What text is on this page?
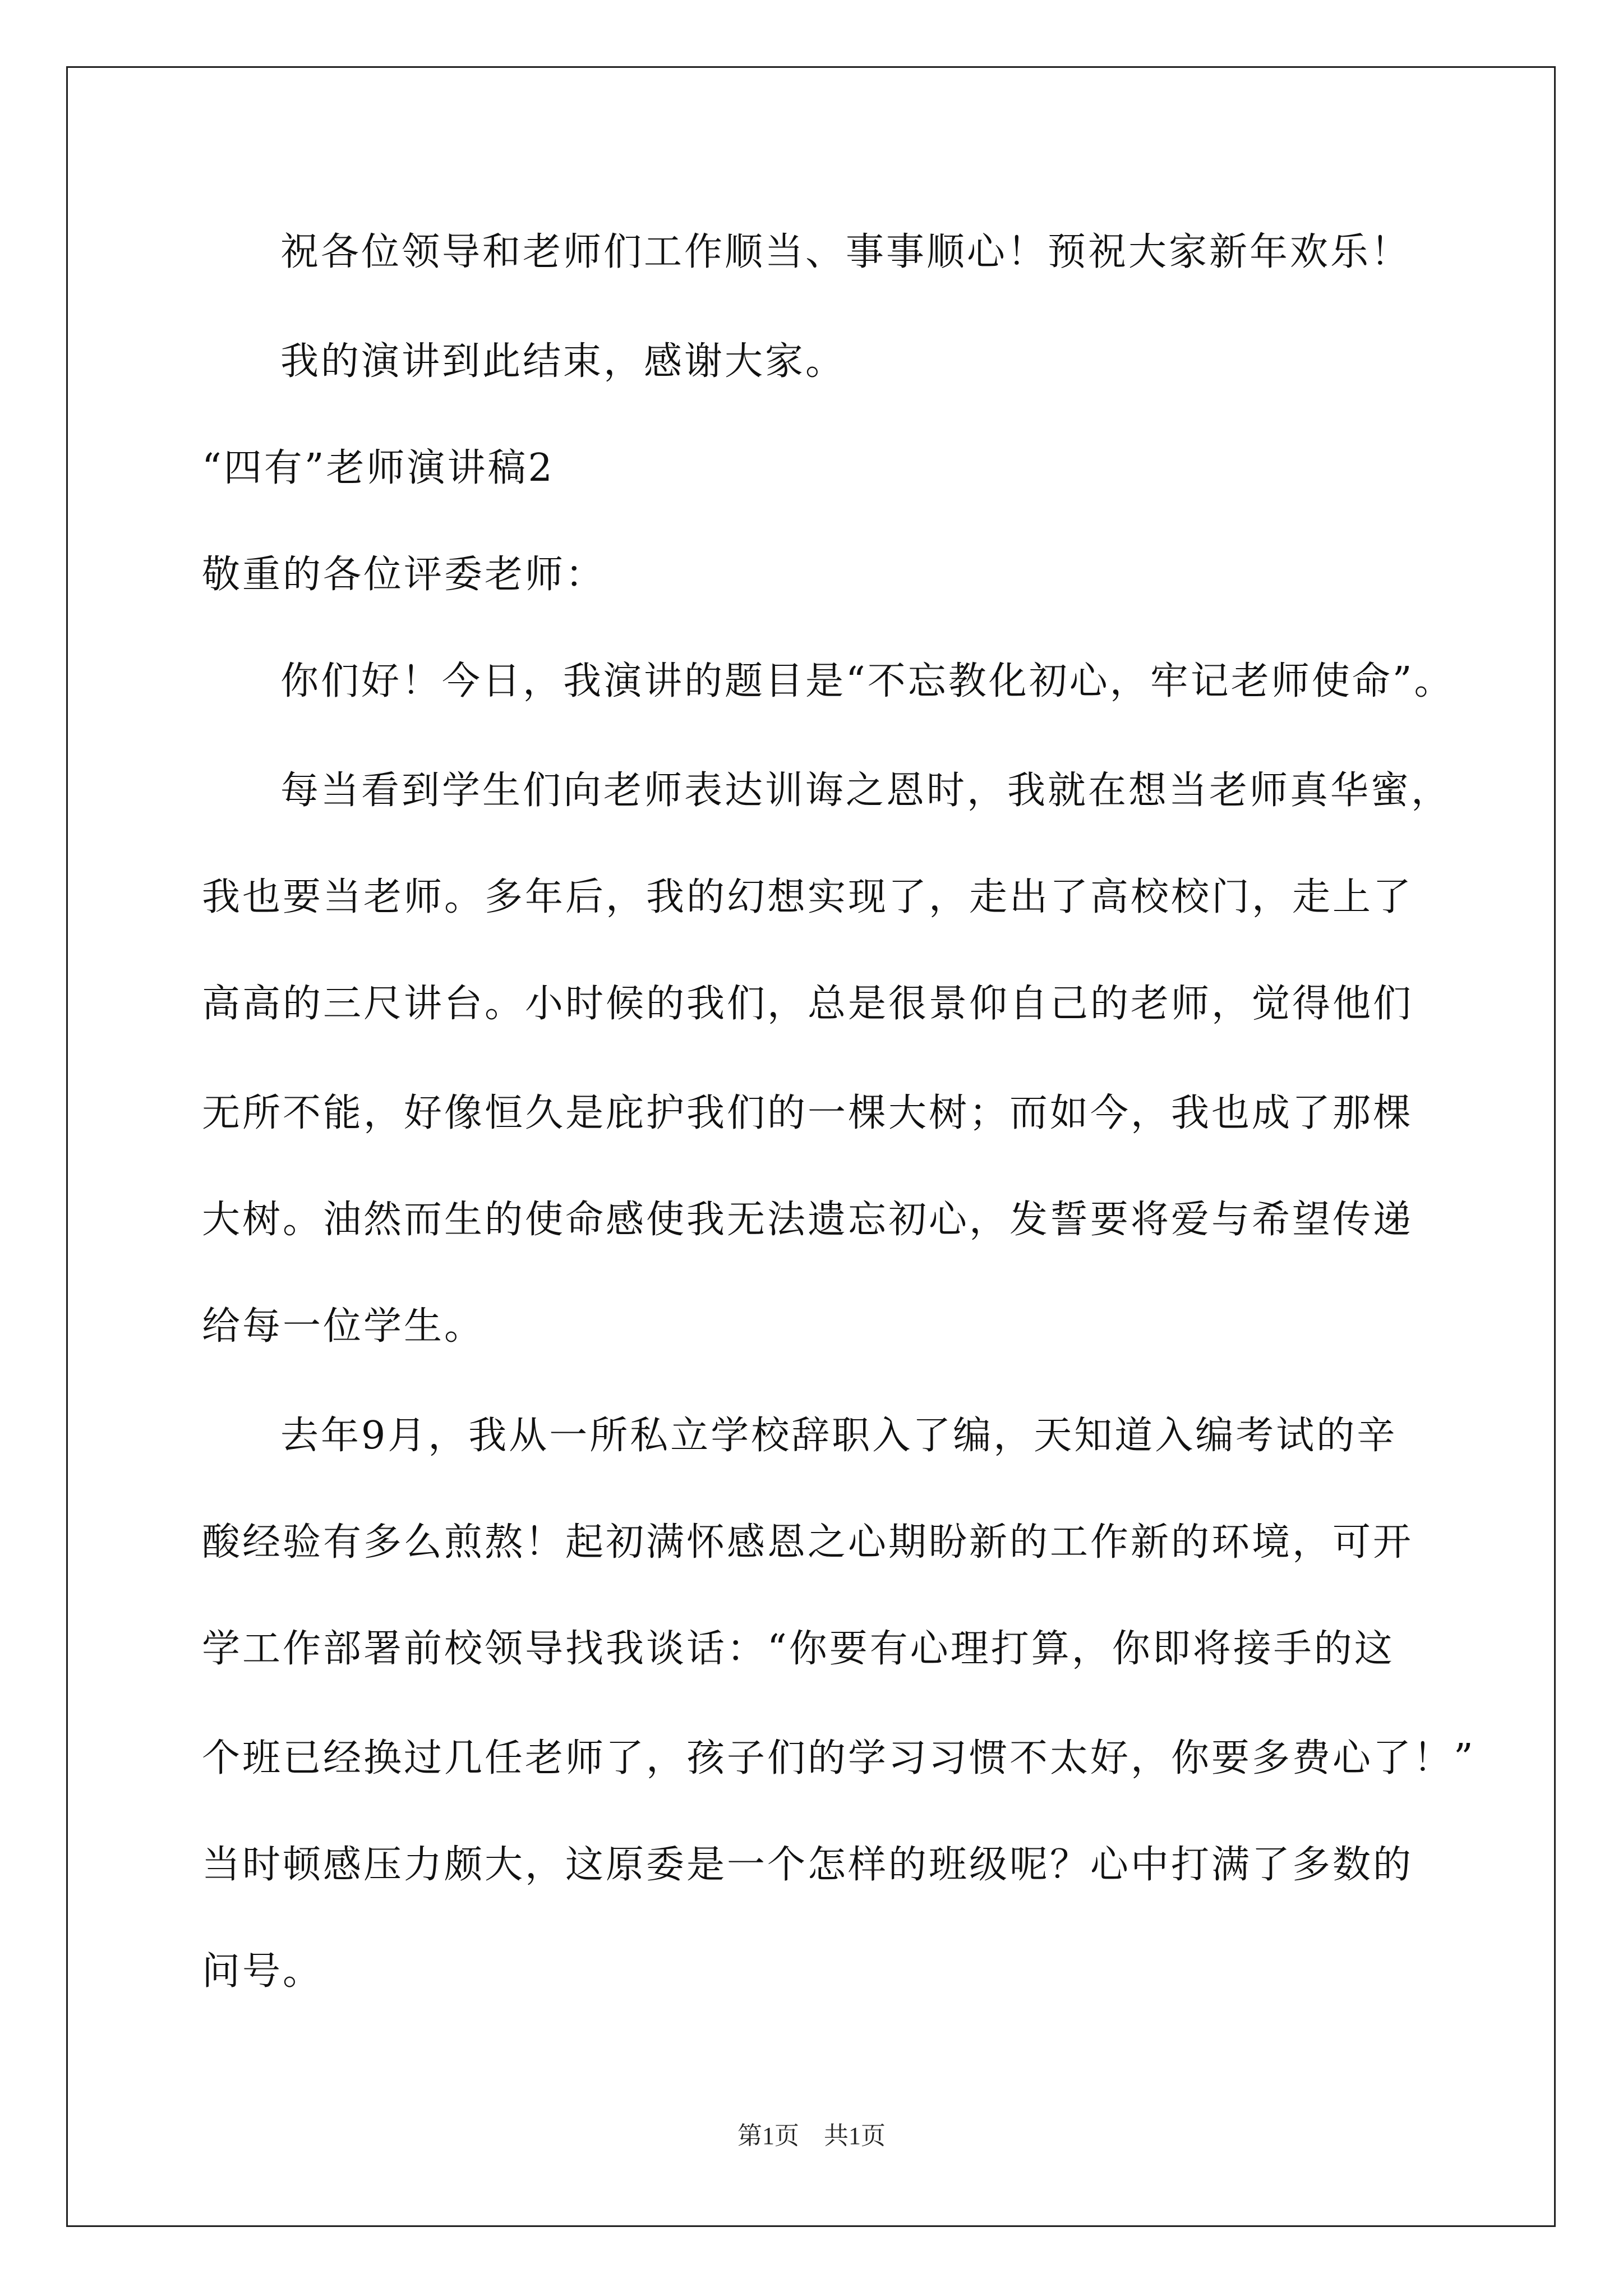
祝各位领导和老师们工作顺当、事事顺心！预祝大家新年欢乐！
我的演讲到此结束，感谢大家。
“四有”老师演讲稿2
敬重的各位评委老师：
你们好！今日，我演讲的题目是“不忘教化初心，牢记老师使命”。
每当看到学生们向老师表达训诲之恩时，我就在想当老师真华蜜，
我也要当老师。多年后，我的幻想实现了，走出了高校校门，走上了
高高的三尺讲台。小时候的我们，总是很景仰自己的老师，觉得他们
无所不能，好像恒久是庇护我们的一棵大树；而如今，我也成了那棵
大树。油然而生的使命感使我无法遗忘初心，发誓要将爱与希望传递
给每一位学生。
去年9月，我从一所私立学校辞职入了编，天知道入编考试的辛
酸经验有多么煎熬！起初满怀感恩之心期盼新的工作新的环境，可开
学工作部署前校领导找我谈话：“你要有心理打算，你即将接手的这
个班已经换过几任老师了，孩子们的学习习惯不太好，你要多费心了！”
当时顿感压力颇大，这原委是一个怎样的班级呢？心中打满了多数的
问号。
第1页　共1页
